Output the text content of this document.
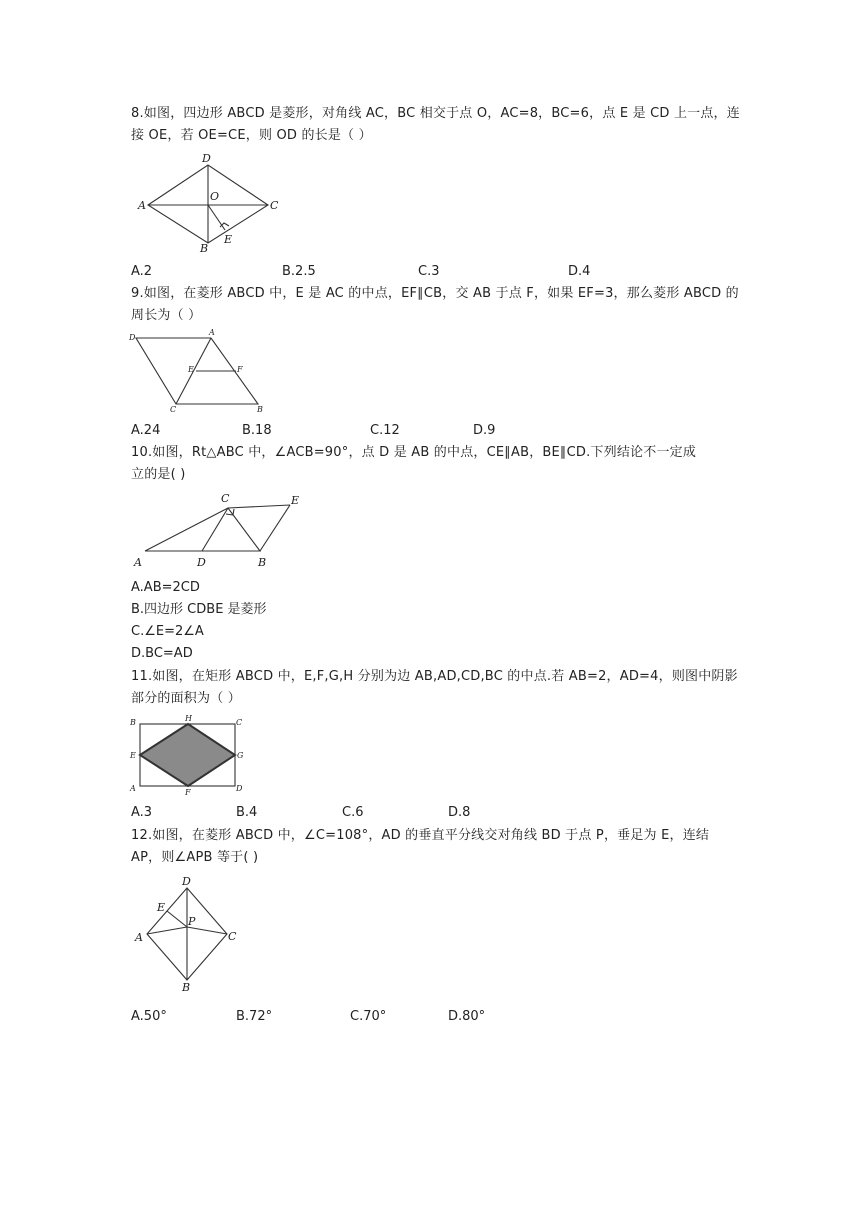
8.如图，四边形 ABCD 是菱形，对角线 AC，BC 相交于点 O，AC=8，BC=6，点 E 是 CD 上一点，连
接 OE，若 OE=CE，则 OD 的长是（ ）
A
D
C
O
B
E
A.2	B.2.5	C.3	D.4
9.如图，在菱形 ABCD 中，E 是 AC 的中点，EF∥CB，交 AB 于点 F，如果 EF=3，那么菱形 ABCD 的
周长为（ ）
D
A
E	F
C	B
A.24	B.18	C.12	D.9
10.如图，Rt△ABC 中，∠ACB=90°，点 D 是 AB 的中点，CE∥AB，BE∥CD.下列结论不一定成
立的是( )
A
C	E
D	B
A.AB=2CD
B.四边形 CDBE 是菱形
C.∠E=2∠A
D.BC=AD
11.如图，在矩形 ABCD 中，E,F,G,H 分别为边 AB,AD,CD,BC 的中点.若 AB=2，AD=4，则图中阴影
部分的面积为（ ）
B	H	C
E	G
A	F	D
A.3	B.4	C.6	D.8
12.如图，在菱形 ABCD 中，∠C=108°，AD 的垂直平分线交对角线 BD 于点 P，垂足为 E，连结
AP，则∠APB 等于( )
D
E
P
A	C
B
A.50°	B.72°	C.70°	D.80°
